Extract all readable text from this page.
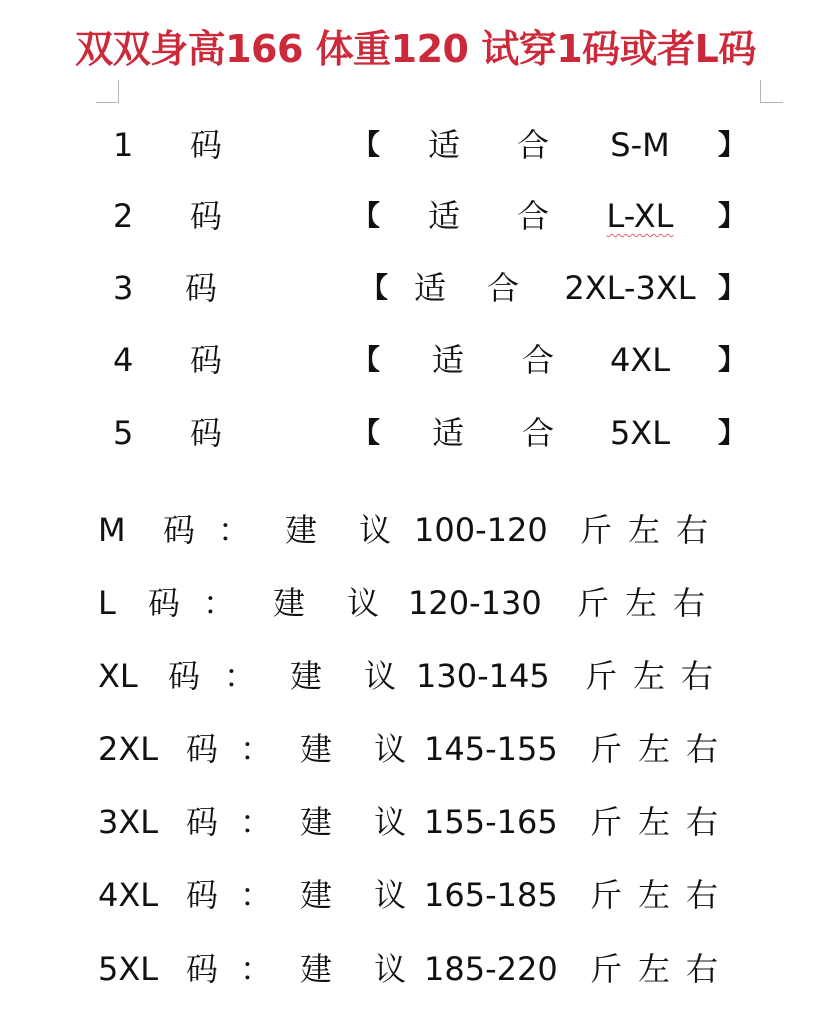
双双身高166 体重120 试穿1码或者L码
1 码	【 适 合	S-M	】
2 码	【 适 合	L-XL	】
3 码	【 适 合 2XL-3XL 】
4 码	【 适 合	4XL	】
5 码	【 适 合	5XL	】
M 码 ： 建 议 100-120 斤左右
L 码 ： 建 议 120-130 斤左右
XL 码 ： 建 议 130-145 斤左右
2XL 码 ： 建 议 145-155 斤左右
3XL 码 ： 建 议 155-165 斤左右
4XL 码 ： 建 议 165-185 斤左右
5XL 码 ： 建 议 185-220 斤左右
